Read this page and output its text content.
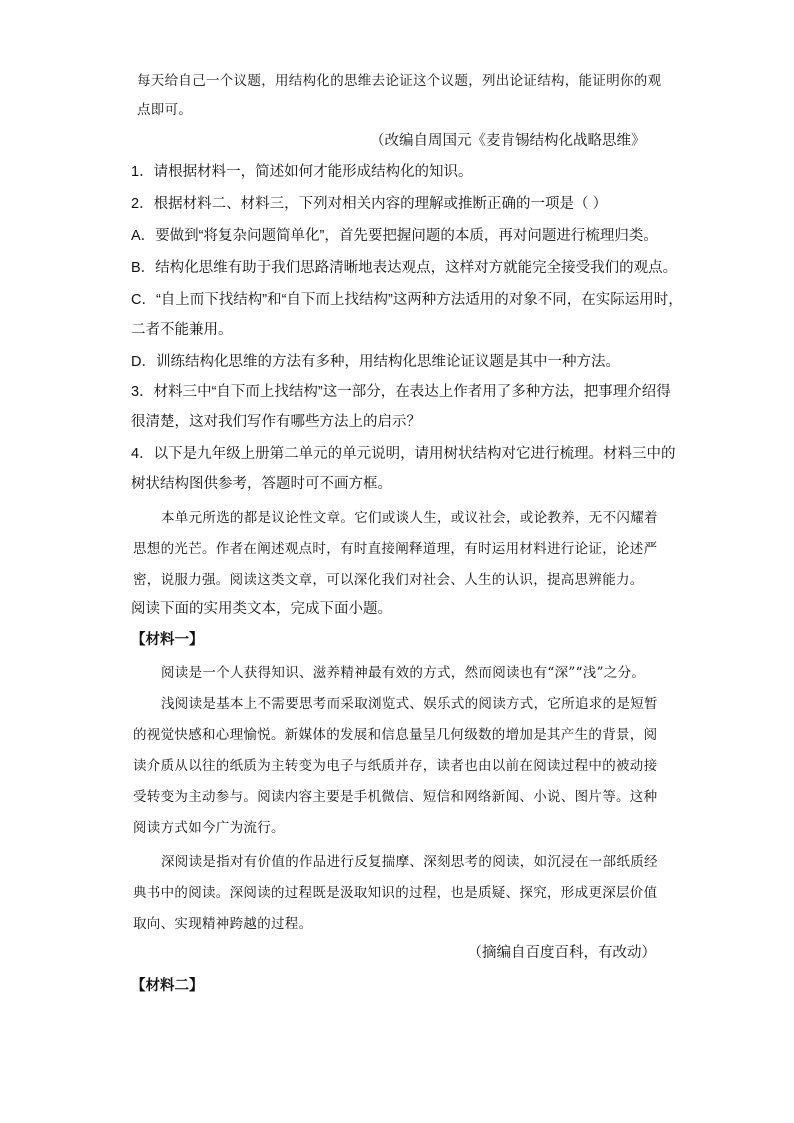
每天给自己一个议题，用结构化的思维去论证这个议题，列出论证结构，能证明你的观
点即可。
（改编自周国元《麦肯锡结构化战略思维》
1．请根据材料一，简述如何才能形成结构化的知识。
2．根据材料二、材料三，下列对相关内容的理解或推断正确的一项是（ ）
A．要做到“将复杂问题简单化”，首先要把握问题的本质，再对问题进行梳理归类。
B．结构化思维有助于我们思路清晰地表达观点，这样对方就能完全接受我们的观点。
C．“自上而下找结构”和“自下而上找结构”这两种方法适用的对象不同，在实际运用时，
二者不能兼用。
D．训练结构化思维的方法有多种，用结构化思维论证议题是其中一种方法。
3．材料三中“自下而上找结构”这一部分，在表达上作者用了多种方法，把事理介绍得
很清楚，这对我们写作有哪些方法上的启示？
4．以下是九年级上册第二单元的单元说明，请用树状结构对它进行梳理。材料三中的
树状结构图供参考，答题时可不画方框。
本单元所选的都是议论性文章。它们或谈人生，或议社会，或论教养，无不闪耀着
思想的光芒。作者在阐述观点时，有时直接阐释道理，有时运用材料进行论证，论述严
密，说服力强。阅读这类文章，可以深化我们对社会、人生的认识，提高思辨能力。
阅读下面的实用类文本，完成下面小题。
【材料一】
阅读是一个人获得知识、滋养精神最有效的方式，然而阅读也有“深”“浅”之分。
浅阅读是基本上不需要思考而采取浏览式、娱乐式的阅读方式，它所追求的是短暂
的视觉快感和心理愉悦。新媒体的发展和信息量呈几何级数的增加是其产生的背景，阅
读介质从以往的纸质为主转变为电子与纸质并存，读者也由以前在阅读过程中的被动接
受转变为主动参与。阅读内容主要是手机微信、短信和网络新闻、小说、图片等。这种
阅读方式如今广为流行。
深阅读是指对有价值的作品进行反复揣摩、深刻思考的阅读，如沉浸在一部纸质经
典书中的阅读。深阅读的过程既是汲取知识的过程，也是质疑、探究，形成更深层价值
取向、实现精神跨越的过程。
（摘编自百度百科，有改动）
【材料二】
